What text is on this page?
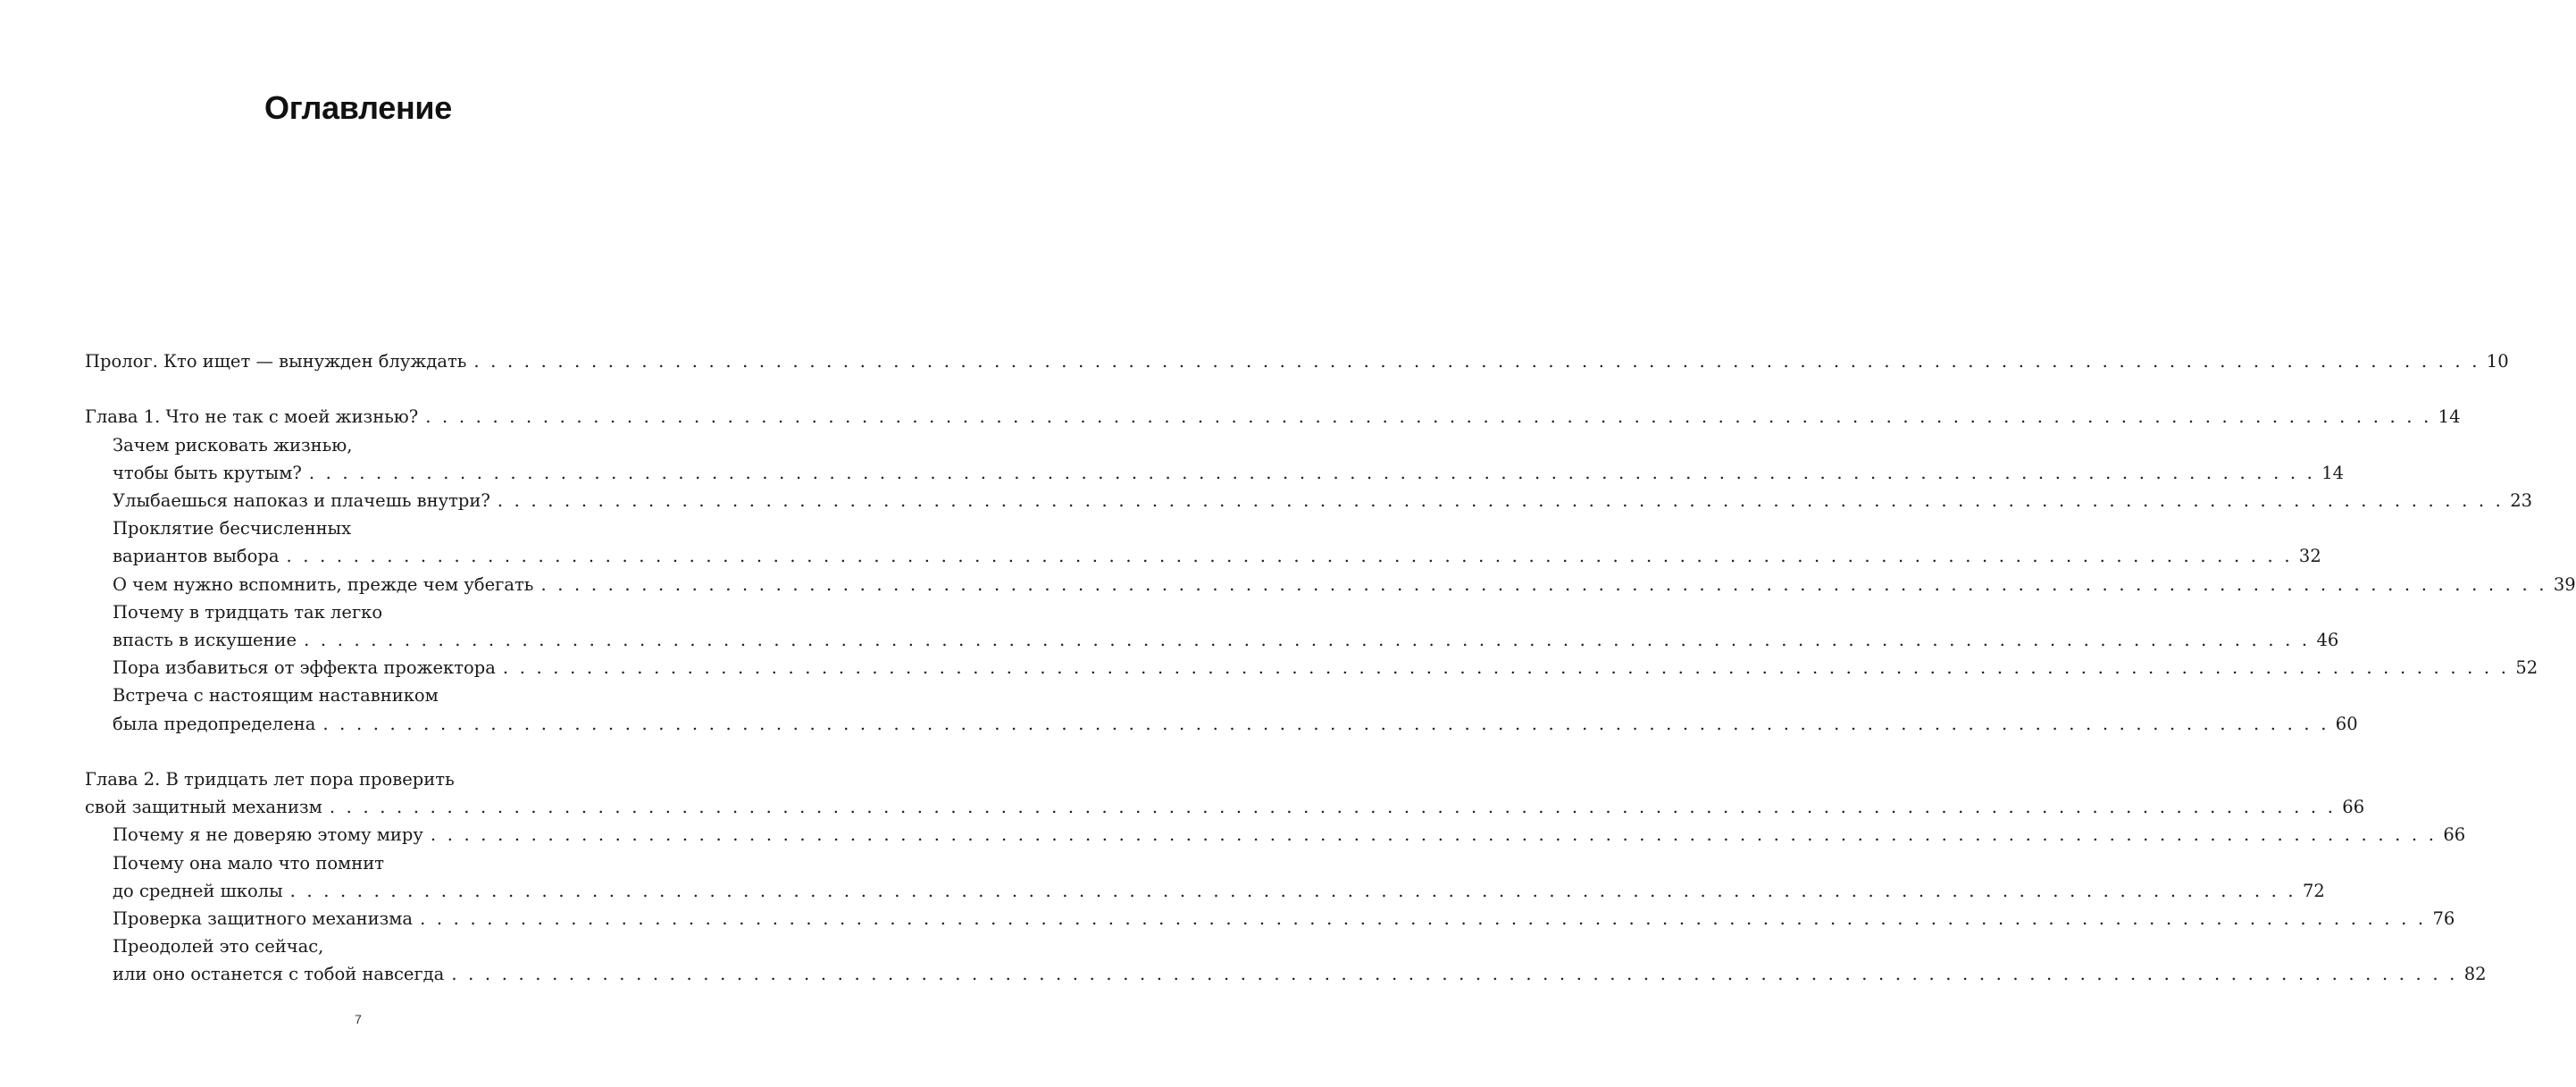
Оглавление
Пролог. Кто ищет — вынужден блуждать . . . . . . . . . . . . . . . . . . . . . . . . . . . . . . . . . . . . . . . . . . . . . . . . . . . . . . . . . . . . . . . . . . . . . . . . . . . . . . . . . . . . . . . . . . . . . . . . . . . . . . . . . . . . . . . . . . . . . . . . 10
Глава 1. Что не так с моей жизнью? . . . . . . . . . . . . . . . . . . . . . . . . . . . . . . . . . . . . . . . . . . . . . . . . . . . . . . . . . . . . . . . . . . . . . . . . . . . . . . . . . . . . . . . . . . . . . . . . . . . . . . . . . . . . . . . . . . . . . . . . 14
Зачем рисковать жизнью,
чтобы быть крутым? . . . . . . . . . . . . . . . . . . . . . . . . . . . . . . . . . . . . . . . . . . . . . . . . . . . . . . . . . . . . . . . . . . . . . . . . . . . . . . . . . . . . . . . . . . . . . . . . . . . . . . . . . . . . . . . . . . . . . . . . 14
Улыбаешься напоказ и плачешь внутри? . . . . . . . . . . . . . . . . . . . . . . . . . . . . . . . . . . . . . . . . . . . . . . . . . . . . . . . . . . . . . . . . . . . . . . . . . . . . . . . . . . . . . . . . . . . . . . . . . . . . . . . . . . . . . . . . . . . . . . . . 23
Проклятие бесчисленных
вариантов выбора . . . . . . . . . . . . . . . . . . . . . . . . . . . . . . . . . . . . . . . . . . . . . . . . . . . . . . . . . . . . . . . . . . . . . . . . . . . . . . . . . . . . . . . . . . . . . . . . . . . . . . . . . . . . . . . . . . . . . . . . 32
О чем нужно вспомнить, прежде чем убегать . . . . . . . . . . . . . . . . . . . . . . . . . . . . . . . . . . . . . . . . . . . . . . . . . . . . . . . . . . . . . . . . . . . . . . . . . . . . . . . . . . . . . . . . . . . . . . . . . . . . . . . . . . . . . . . . . . . . . . . . 39
Почему в тридцать так легко
впасть в искушение . . . . . . . . . . . . . . . . . . . . . . . . . . . . . . . . . . . . . . . . . . . . . . . . . . . . . . . . . . . . . . . . . . . . . . . . . . . . . . . . . . . . . . . . . . . . . . . . . . . . . . . . . . . . . . . . . . . . . . . . 46
Пора избавиться от эффекта прожектора . . . . . . . . . . . . . . . . . . . . . . . . . . . . . . . . . . . . . . . . . . . . . . . . . . . . . . . . . . . . . . . . . . . . . . . . . . . . . . . . . . . . . . . . . . . . . . . . . . . . . . . . . . . . . . . . . . . . . . . . 52
Встреча с настоящим наставником
была предопределена . . . . . . . . . . . . . . . . . . . . . . . . . . . . . . . . . . . . . . . . . . . . . . . . . . . . . . . . . . . . . . . . . . . . . . . . . . . . . . . . . . . . . . . . . . . . . . . . . . . . . . . . . . . . . . . . . . . . . . . . 60
Глава 2. В тридцать лет пора проверить
свой защитный механизм . . . . . . . . . . . . . . . . . . . . . . . . . . . . . . . . . . . . . . . . . . . . . . . . . . . . . . . . . . . . . . . . . . . . . . . . . . . . . . . . . . . . . . . . . . . . . . . . . . . . . . . . . . . . . . . . . . . . . . . . 66
Почему я не доверяю этому миру . . . . . . . . . . . . . . . . . . . . . . . . . . . . . . . . . . . . . . . . . . . . . . . . . . . . . . . . . . . . . . . . . . . . . . . . . . . . . . . . . . . . . . . . . . . . . . . . . . . . . . . . . . . . . . . . . . . . . . . . 66
Почему она мало что помнит
до средней школы . . . . . . . . . . . . . . . . . . . . . . . . . . . . . . . . . . . . . . . . . . . . . . . . . . . . . . . . . . . . . . . . . . . . . . . . . . . . . . . . . . . . . . . . . . . . . . . . . . . . . . . . . . . . . . . . . . . . . . . . 72
Проверка защитного механизма . . . . . . . . . . . . . . . . . . . . . . . . . . . . . . . . . . . . . . . . . . . . . . . . . . . . . . . . . . . . . . . . . . . . . . . . . . . . . . . . . . . . . . . . . . . . . . . . . . . . . . . . . . . . . . . . . . . . . . . . 76
Преодолей это сейчас,
или оно останется с тобой навсегда . . . . . . . . . . . . . . . . . . . . . . . . . . . . . . . . . . . . . . . . . . . . . . . . . . . . . . . . . . . . . . . . . . . . . . . . . . . . . . . . . . . . . . . . . . . . . . . . . . . . . . . . . . . . . . . . . . . . . . . . 82
7
